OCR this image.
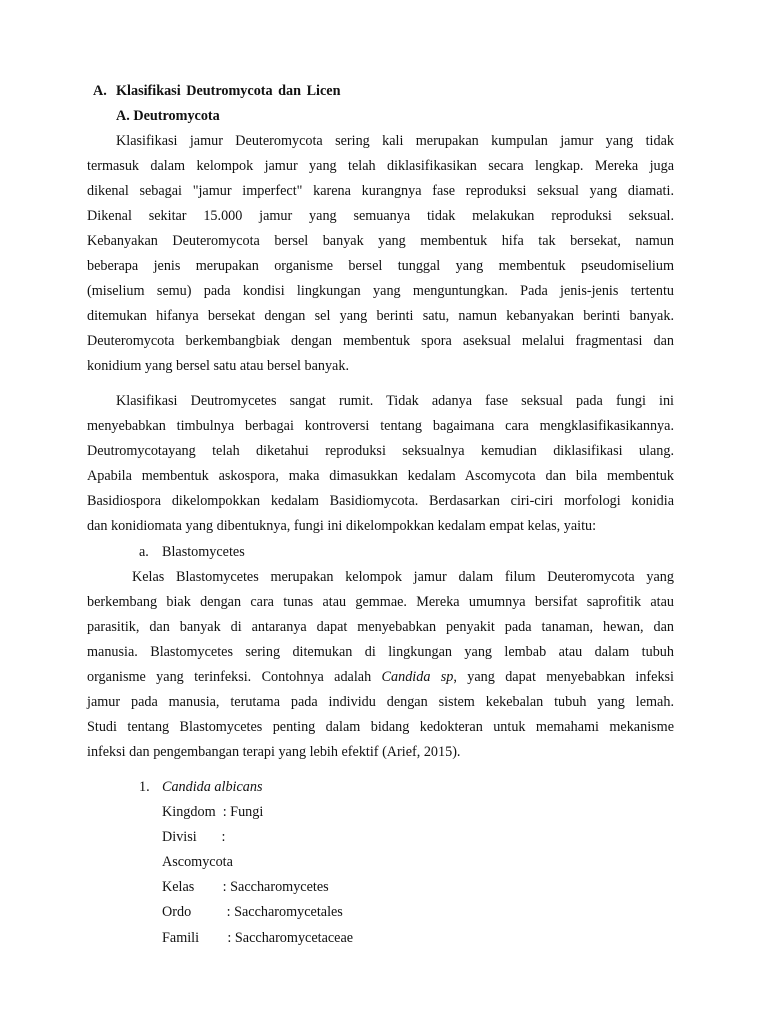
A. Klasifikasi Deutromycota dan Licen
A. Deutromycota
Klasifikasi jamur Deuteromycota sering kali merupakan kumpulan jamur yang tidak
termasuk dalam kelompok jamur yang telah diklasifikasikan secara lengkap. Mereka juga
dikenal sebagai "jamur imperfect" karena kurangnya fase reproduksi seksual yang diamati.
Dikenal sekitar 15.000 jamur yang semuanya tidak melakukan reproduksi seksual.
Kebanyakan Deuteromycota bersel banyak yang membentuk hifa tak bersekat, namun
beberapa jenis merupakan organisme bersel tunggal yang membentuk pseudomiselium
(miselium semu) pada kondisi lingkungan yang menguntungkan. Pada jenis-jenis tertentu
ditemukan hifanya bersekat dengan sel yang berinti satu, namun kebanyakan berinti banyak.
Deuteromycota berkembangbiak dengan membentuk spora aseksual melalui fragmentasi dan
konidium yang bersel satu atau bersel banyak.
Klasifikasi Deutromycetes sangat rumit. Tidak adanya fase seksual pada fungi ini
menyebabkan timbulnya berbagai kontroversi tentang bagaimana cara mengklasifikasikannya.
Deutromycotayang telah diketahui reproduksi seksualnya kemudian diklasifikasi ulang.
Apabila membentuk askospora, maka dimasukkan kedalam Ascomycota dan bila membentuk
Basidiospora dikelompokkan kedalam Basidiomycota. Berdasarkan ciri-ciri morfologi konidia
dan konidiomata yang dibentuknya, fungi ini dikelompokkan kedalam empat kelas, yaitu:
a. Blastomycetes
Kelas Blastomycetes merupakan kelompok jamur dalam filum Deuteromycota yang
berkembang biak dengan cara tunas atau gemmae. Mereka umumnya bersifat saprofitik atau
parasitik, dan banyak di antaranya dapat menyebabkan penyakit pada tanaman, hewan, dan
manusia. Blastomycetes sering ditemukan di lingkungan yang lembab atau dalam tubuh
organisme yang terinfeksi. Contohnya adalah Candida sp, yang dapat menyebabkan infeksi
jamur pada manusia, terutama pada individu dengan sistem kekebalan tubuh yang lemah.
Studi tentang Blastomycetes penting dalam bidang kedokteran untuk memahami mekanisme
infeksi dan pengembangan terapi yang lebih efektif (Arief, 2015).
1. Candida albicans
Kingdom  : Fungi
Divisi       :
Ascomycota
Kelas        : Saccharomycetes
Ordo          : Saccharomycetales
Famili        : Saccharomycetaceae
